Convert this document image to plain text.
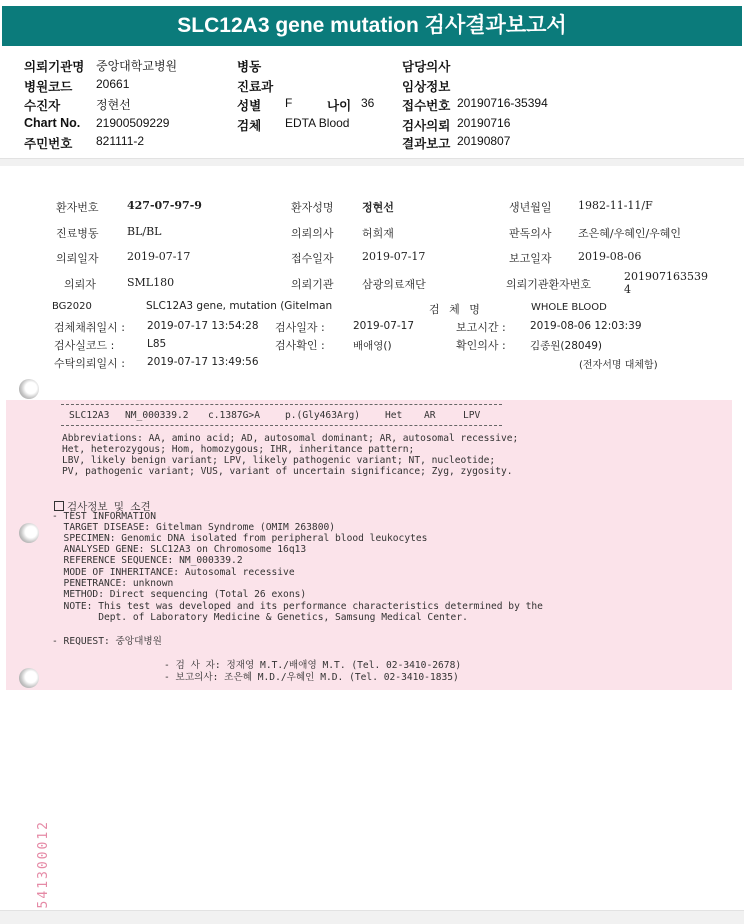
SLC12A3 gene mutation 검사결과보고서
의뢰기관명 중앙대학교병원
병원코드 20661
수진자	정현선
Chart No. 21900509229
주민번호 821111-2
병동
진료과
성별 F	나이 36
검체 EDTA Blood
담당의사
임상정보
접수번호 20190716-35394
검사의뢰 20190716
결과보고 20190807
환자번호	427-07-97-9	환자성명	정현선	생년월일 1982-11-11/F
진료병동	BL/BL	의뢰의사	허희재	판독의사 조은혜/우혜인/우혜인
의뢰일자	2019-07-17	접수일자	2019-07-17	보고일자 2019-08-06
의뢰자	SML180	의뢰기관	삼광의료재단	의뢰기관환자번호
201907163539
4
BG2020	SLC12A3 gene, mutation (Gitelman	검 체 명	WHOLE BLOOD
검체채취일시 : 2019-07-17 13:54:28 검사일자 :	2019-07-17	보고시간 : 2019-08-06 12:03:39
검사실코드 :	L85	검사확인 :	배애영()	확인의사 : 김종원(28049)
수탁의뢰일시 : 2019-07-17 13:49:56	(전자서명 대체함)
SLC12A3 NM_000339.2 c.1387G>A	p.(Gly463Arg)	Het AR	LPV
Abbreviations: AA, amino acid; AD, autosomal dominant; AR, autosomal recessive;
Het, heterozygous; Hom, homozygous; IHR, inheritance pattern;
LBV, likely benign variant; LPV, likely pathogenic variant; NT, nucleotide;
PV, pathogenic variant; VUS, variant of uncertain significance; Zyg, zygosity.
검사정보 및 소견
- TEST INFORMATION
TARGET DISEASE: Gitelman Syndrome (OMIM 263800)
SPECIMEN: Genomic DNA isolated from peripheral blood leukocytes
ANALYSED GENE: SLC12A3 on Chromosome 16q13
REFERENCE SEQUENCE: NM_000339.2
MODE OF INHERITANCE: Autosomal recessive
PENETRANCE: unknown
METHOD: Direct sequencing (Total 26 exons)
NOTE: This test was developed and its performance characteristics determined by the
Dept. of Laboratory Medicine & Genetics, Samsung Medical Center.
- REQUEST: 중앙대병원
- 검 사 자: 정재영 M.T./배애영 M.T. (Tel. 02-3410-2678)
- 보고의사: 조은혜 M.D./우혜인 M.D. (Tel. 02-3410-1835)
541300012
